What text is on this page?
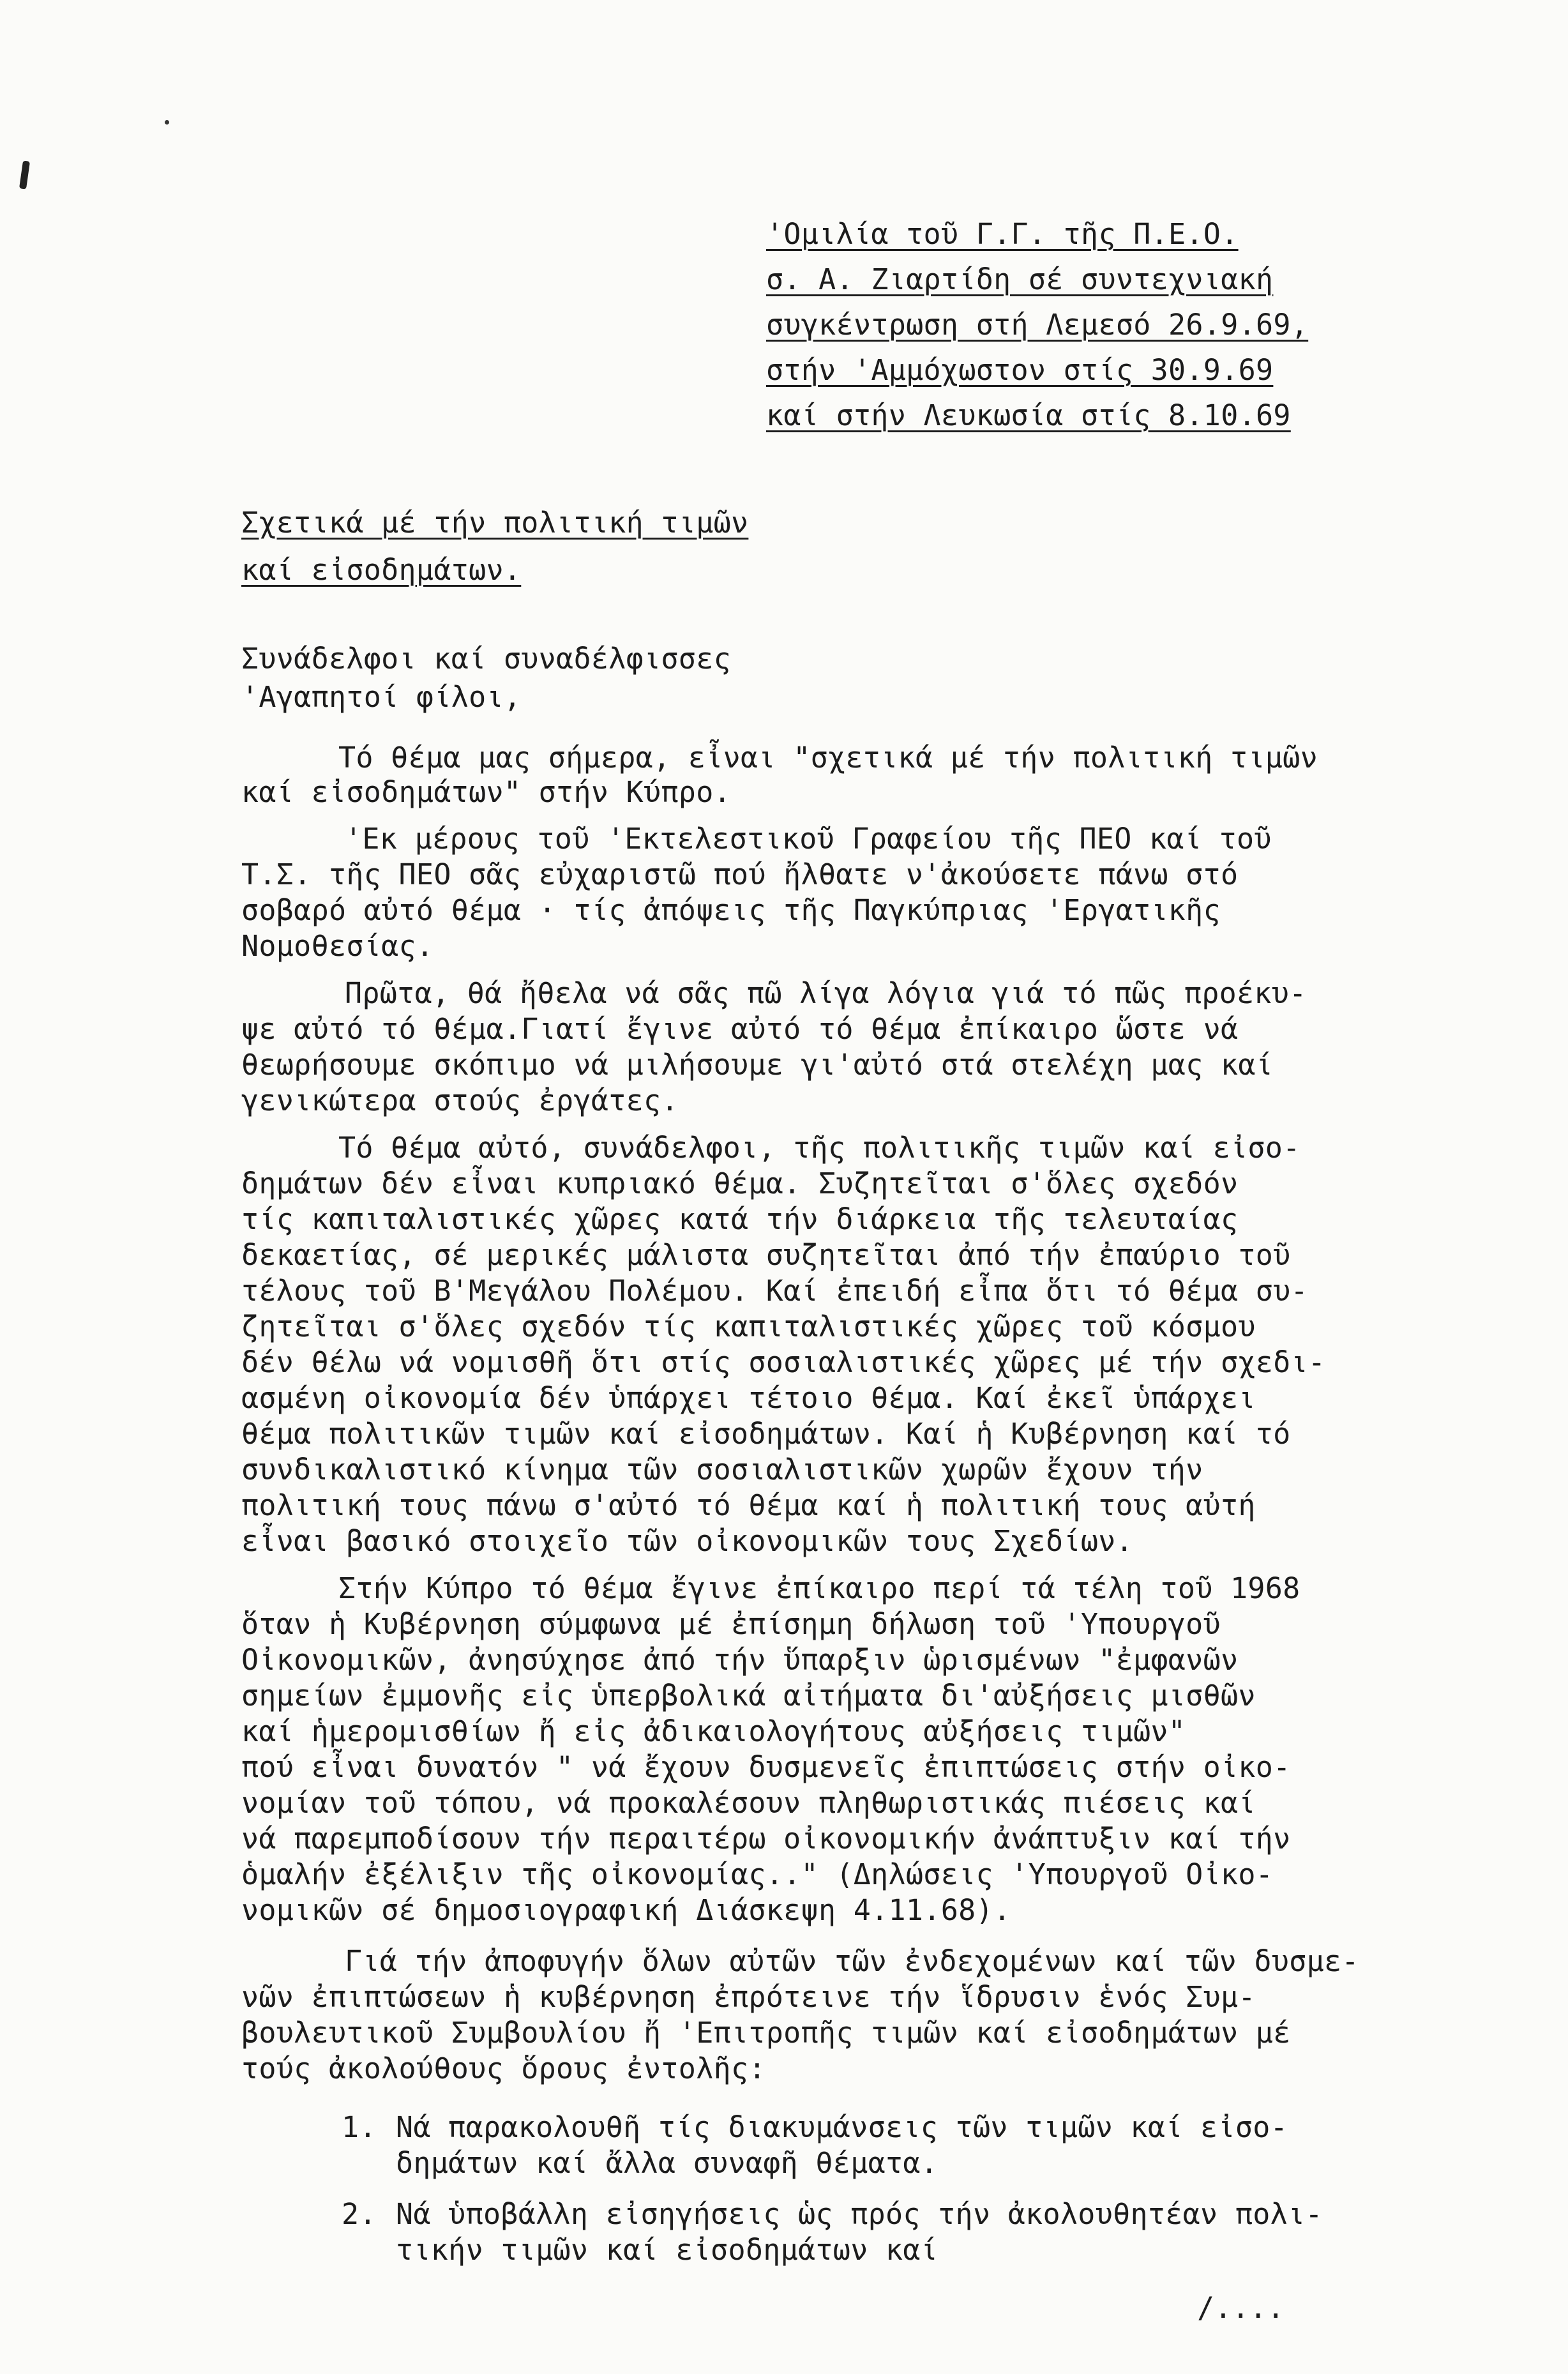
'Ομιλία τοῦ Γ.Γ. τῆς Π.Ε.Ο.
σ. Α. Ζιαρτίδη σέ συντεχνιακή
συγκέντρωση στή Λεμεσό 26.9.69,
στήν 'Αμμόχωστον στίς 30.9.69
καί στήν Λευκωσία στίς 8.10.69
Σχετικά μέ τήν πολιτική τιμῶν
καί εἰσοδημάτων.
Συνάδελφοι καί συναδέλφισσες
'Αγαπητοί φίλοι,
Τό θέμα μας σήμερα, εἶναι "σχετικά μέ τήν πολιτική τιμῶν
καί εἰσοδημάτων" στήν Κύπρο.
'Εκ μέρους τοῦ 'Εκτελεστικοῦ Γραφείου τῆς ΠΕΟ καί τοῦ
Τ.Σ. τῆς ΠΕΟ σᾶς εὐχαριστῶ πού ἤλθατε ν'ἀκούσετε πάνω στό
σοβαρό αὐτό θέμα · τίς ἀπόψεις τῆς Παγκύπριας 'Εργατικῆς
Νομοθεσίας.
Πρῶτα, θά ἤθελα νά σᾶς πῶ λίγα λόγια γιά τό πῶς προέκυ-
ψε αὐτό τό θέμα.Γιατί ἔγινε αὐτό τό θέμα ἐπίκαιρο ὥστε νά
θεωρήσουμε σκόπιμο νά μιλήσουμε γι'αὐτό στά στελέχη μας καί
γενικώτερα στούς ἐργάτες.
Τό θέμα αὐτό, συνάδελφοι, τῆς πολιτικῆς τιμῶν καί εἰσο-
δημάτων δέν εἶναι κυπριακό θέμα. Συζητεῖται σ'ὅλες σχεδόν
τίς καπιταλιστικές χῶρες κατά τήν διάρκεια τῆς τελευταίας
δεκαετίας, σέ μερικές μάλιστα συζητεῖται ἀπό τήν ἐπαύριο τοῦ
τέλους τοῦ Β'Μεγάλου Πολέμου. Καί ἐπειδή εἶπα ὅτι τό θέμα συ-
ζητεῖται σ'ὅλες σχεδόν τίς καπιταλιστικές χῶρες τοῦ κόσμου
δέν θέλω νά νομισθῆ ὅτι στίς σοσιαλιστικές χῶρες μέ τήν σχεδι-
ασμένη οἰκονομία δέν ὑπάρχει τέτοιο θέμα. Καί ἐκεῖ ὑπάρχει
θέμα πολιτικῶν τιμῶν καί εἰσοδημάτων. Καί ἡ Κυβέρνηση καί τό
συνδικαλιστικό κίνημα τῶν σοσιαλιστικῶν χωρῶν ἔχουν τήν
πολιτική τους πάνω σ'αὐτό τό θέμα καί ἡ πολιτική τους αὐτή
εἶναι βασικό στοιχεῖο τῶν οἰκονομικῶν τους Σχεδίων.
Στήν Κύπρο τό θέμα ἔγινε ἐπίκαιρο περί τά τέλη τοῦ 1968
ὅταν ἡ Κυβέρνηση σύμφωνα μέ ἐπίσημη δήλωση τοῦ 'Υπουργοῦ
Οἰκονομικῶν, ἀνησύχησε ἀπό τήν ὕπαρξιν ὡρισμένων "ἐμφανῶν
σημείων ἐμμονῆς εἰς ὑπερβολικά αἰτήματα δι'αὐξήσεις μισθῶν
καί ἡμερομισθίων ἤ εἰς ἀδικαιολογήτους αὐξήσεις τιμῶν"
πού εἶναι δυνατόν " νά ἔχουν δυσμενεῖς ἐπιπτώσεις στήν οἰκο-
νομίαν τοῦ τόπου, νά προκαλέσουν πληθωριστικάς πιέσεις καί
νά παρεμποδίσουν τήν περαιτέρω οἰκονομικήν ἀνάπτυξιν καί τήν
ὁμαλήν ἐξέλιξιν τῆς οἰκονομίας.." (Δηλώσεις 'Υπουργοῦ Οἰκο-
νομικῶν σέ δημοσιογραφική Διάσκεψη 4.11.68).
Γιά τήν ἀποφυγήν ὅλων αὐτῶν τῶν ἐνδεχομένων καί τῶν δυσμε-
νῶν ἐπιπτώσεων ἡ κυβέρνηση ἐπρότεινε τήν ἵδρυσιν ἑνός Συμ-
βουλευτικοῦ Συμβουλίου ἤ 'Επιτροπῆς τιμῶν καί εἰσοδημάτων μέ
τούς ἀκολούθους ὅρους ἐντολῆς:
1. Νά παρακολουθῆ τίς διακυμάνσεις τῶν τιμῶν καί εἰσο-
δημάτων καί ἄλλα συναφῆ θέματα.
2. Νά ὑποβάλλη εἰσηγήσεις ὡς πρός τήν ἀκολουθητέαν πολι-
τικήν τιμῶν καί εἰσοδημάτων καί
/....
